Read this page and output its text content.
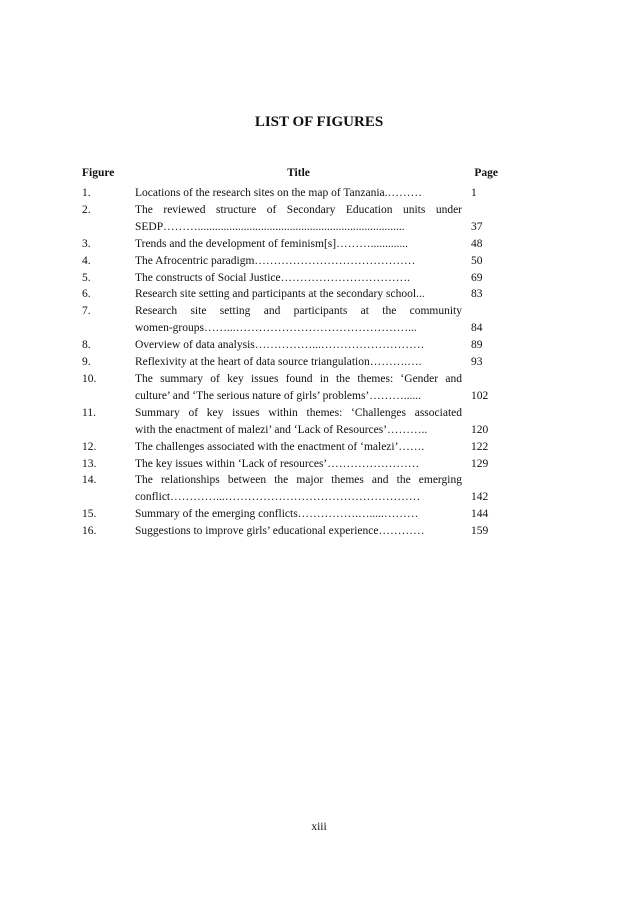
LIST OF FIGURES
Figure	Title	Page
1.	Locations of the research sites on the map of Tanzania.………	1
2.	The reviewed structure of Secondary Education units under
SEDP………........................................................................	37
3.	Trends and the development of feminism[s]……….............	48
4.	The Afrocentric paradigm……………………………………	50
5.	The constructs of Social Justice…………………………….	69
6.	Research site setting and participants at the secondary school...	83
7.	Research site setting and participants at the community
women-groups……...………………………………………...	84
8.	Overview of data analysis……………...………………………	89
9.	Reflexivity at the heart of data source triangulation……….….	93
10.	The summary of key issues found in the themes: ‘Gender and
culture’ and ‘The serious nature of girls’ problems’………......	102
11.	Summary of key issues within themes: ‘Challenges associated
with the enactment of malezi’ and ‘Lack of Resources’………..	120
12.	The challenges associated with the enactment of ‘malezi’…….	122
13.	The key issues within ‘Lack of resources’……………………	129
14.	The relationships between the major themes and the emerging
conflict…………...……………………………………………	142
15.	Summary of the emerging conflicts…………….….....………	144
16.	Suggestions to improve girls’ educational experience…………	159
xiii
